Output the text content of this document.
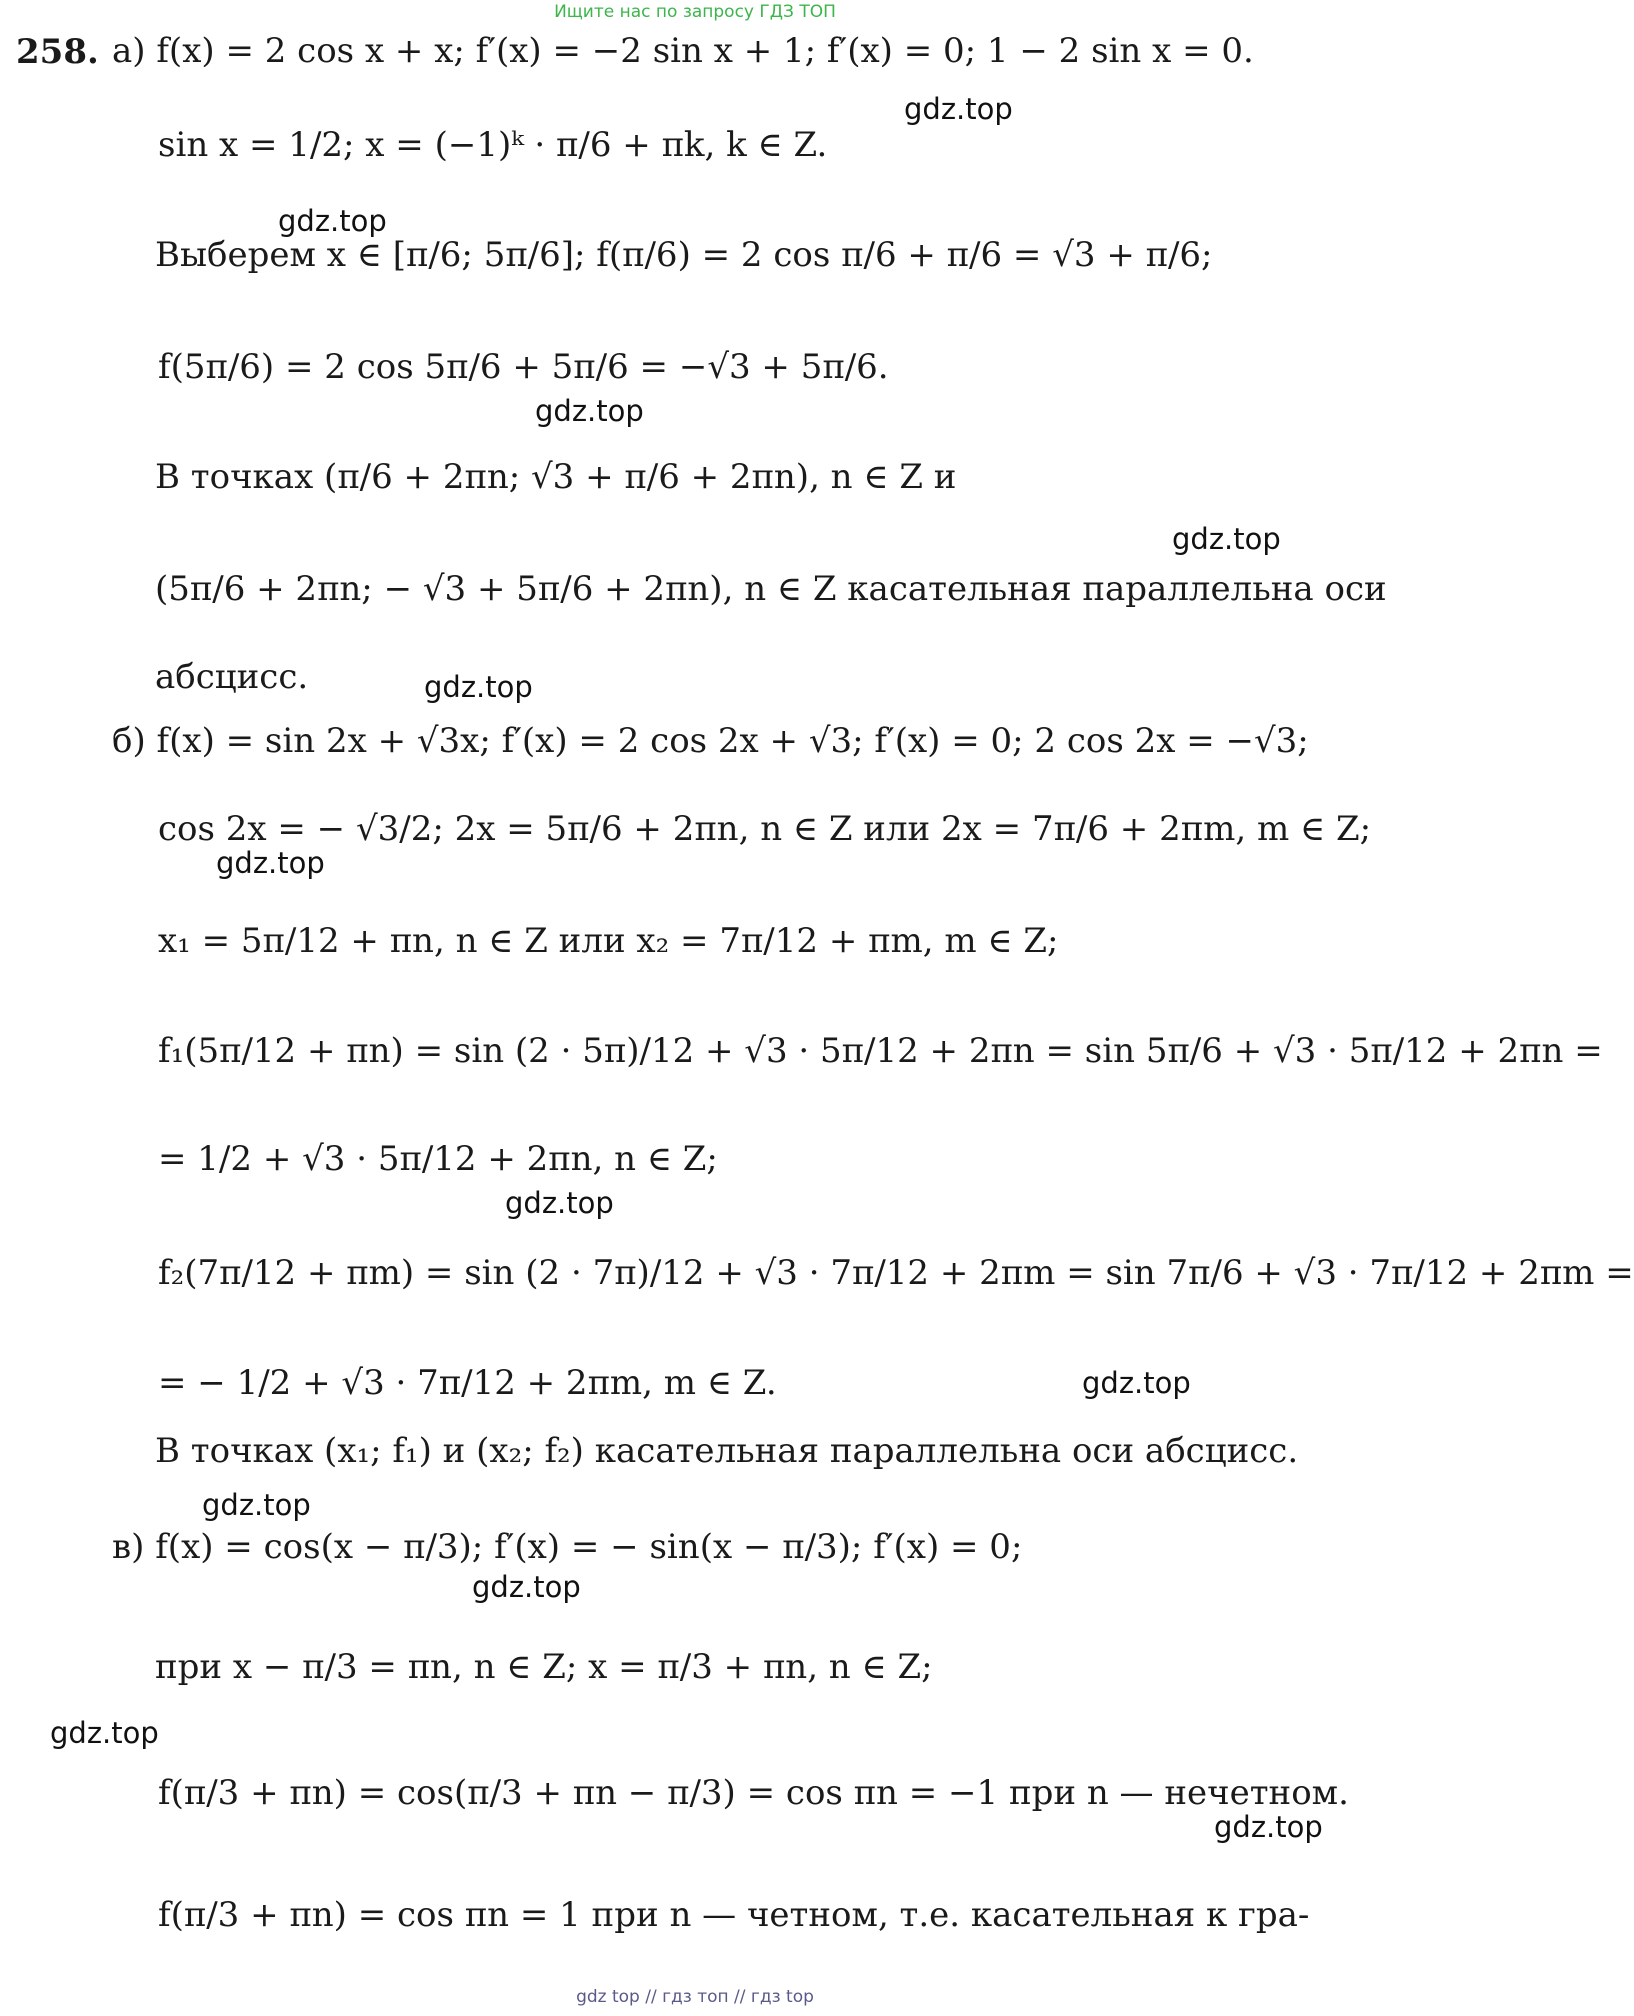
Ищите нас по запросу ГДЗ ТОП
258. а) f(x) = 2 cos x + x; f′(x) = −2 sin x + 1; f′(x) = 0; 1 − 2 sin x = 0.
sin x = 1/2; x = (−1)ᵏ · π/6 + πk, k ∈ Z.
Выберем x ∈ [π/6; 5π/6]; f(π/6) = 2 cos π/6 + π/6 = √3 + π/6;
f(5π/6) = 2 cos 5π/6 + 5π/6 = −√3 + 5π/6.
В точках (π/6 + 2πn; √3 + π/6 + 2πn), n ∈ Z и
(5π/6 + 2πn; − √3 + 5π/6 + 2πn), n ∈ Z касательная параллельна оси
абсцисс.
б) f(x) = sin 2x + √3x; f′(x) = 2 cos 2x + √3; f′(x) = 0; 2 cos 2x = −√3;
cos 2x = − √3/2; 2x = 5π/6 + 2πn, n ∈ Z или 2x = 7π/6 + 2πm, m ∈ Z;
x₁ = 5π/12 + πn, n ∈ Z или x₂ = 7π/12 + πm, m ∈ Z;
f₁(5π/12 + πn) = sin (2 · 5π)/12 + √3 · 5π/12 + 2πn = sin 5π/6 + √3 · 5π/12 + 2πn =
= 1/2 + √3 · 5π/12 + 2πn, n ∈ Z;
f₂(7π/12 + πm) = sin (2 · 7π)/12 + √3 · 7π/12 + 2πm = sin 7π/6 + √3 · 7π/12 + 2πm =
= − 1/2 + √3 · 7π/12 + 2πm, m ∈ Z.
В точках (x₁; f₁) и (x₂; f₂) касательная параллельна оси абсцисс.
в) f(x) = cos(x − π/3); f′(x) = − sin(x − π/3); f′(x) = 0;
при x − π/3 = πn, n ∈ Z; x = π/3 + πn, n ∈ Z;
f(π/3 + πn) = cos(π/3 + πn − π/3) = cos πn = −1 при n — нечетном.
f(π/3 + πn) = cos πn = 1 при n — четном, т.е. касательная к гра-
gdz.top
gdz.top
gdz.top
gdz.top
gdz.top
gdz.top
gdz.top
gdz.top
gdz.top
gdz.top
gdz.top
gdz.top
gdz top // гдз топ // гдз top
